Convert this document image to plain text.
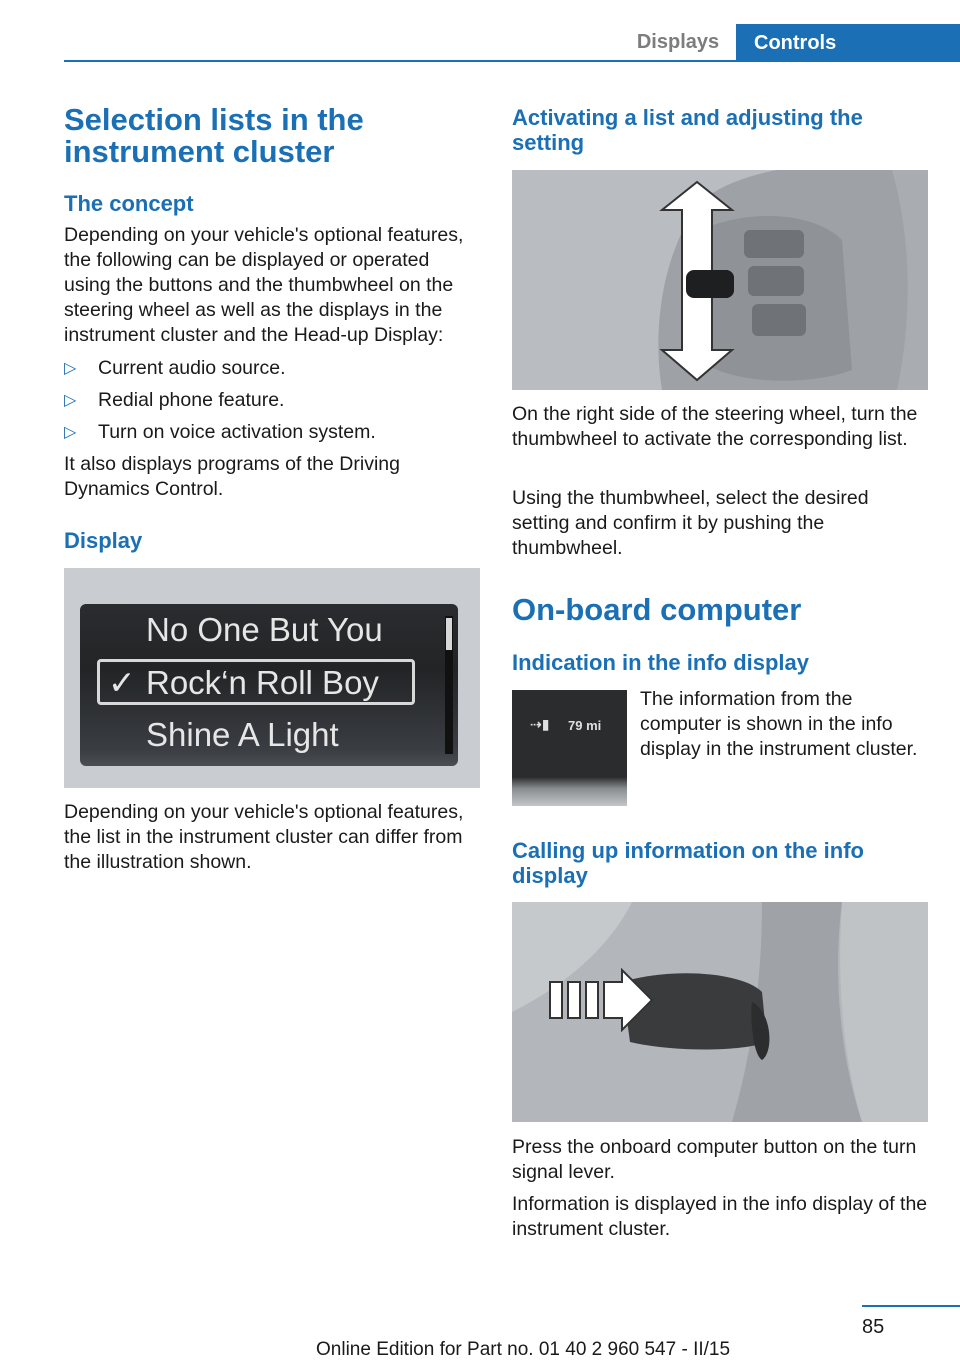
Displays	Controls
Selection lists in the instrument cluster
The concept

Depending on your vehicle's optional features, the following can be displayed or operated using the buttons and the thumbwheel on the steering wheel as well as the displays in the instrument cluster and the Head-up Display:

▷ Current audio source.
▷ Redial phone feature.
▷ Turn on voice activation system.

It also displays programs of the Driving Dynamics Control.

Display
No One But You
✓ Rock‘n Roll Boy
Shine A Light

Depending on your vehicle's optional features, the list in the instrument cluster can differ from the illustration shown.

Activating a list and adjusting the setting

On the right side of the steering wheel, turn the thumbwheel to activate the corresponding list.

Using the thumbwheel, select the desired setting and confirm it by pushing the thumbwheel.

On-board computer
Indication in the info display
⇢▮ 79 mi

The information from the computer is shown in the info display in the instrument cluster.

Calling up information on the info display

Press the onboard computer button on the turn signal lever.

Information is displayed in the info display of the instrument cluster.

85
Online Edition for Part no. 01 40 2 960 547 - II/15
